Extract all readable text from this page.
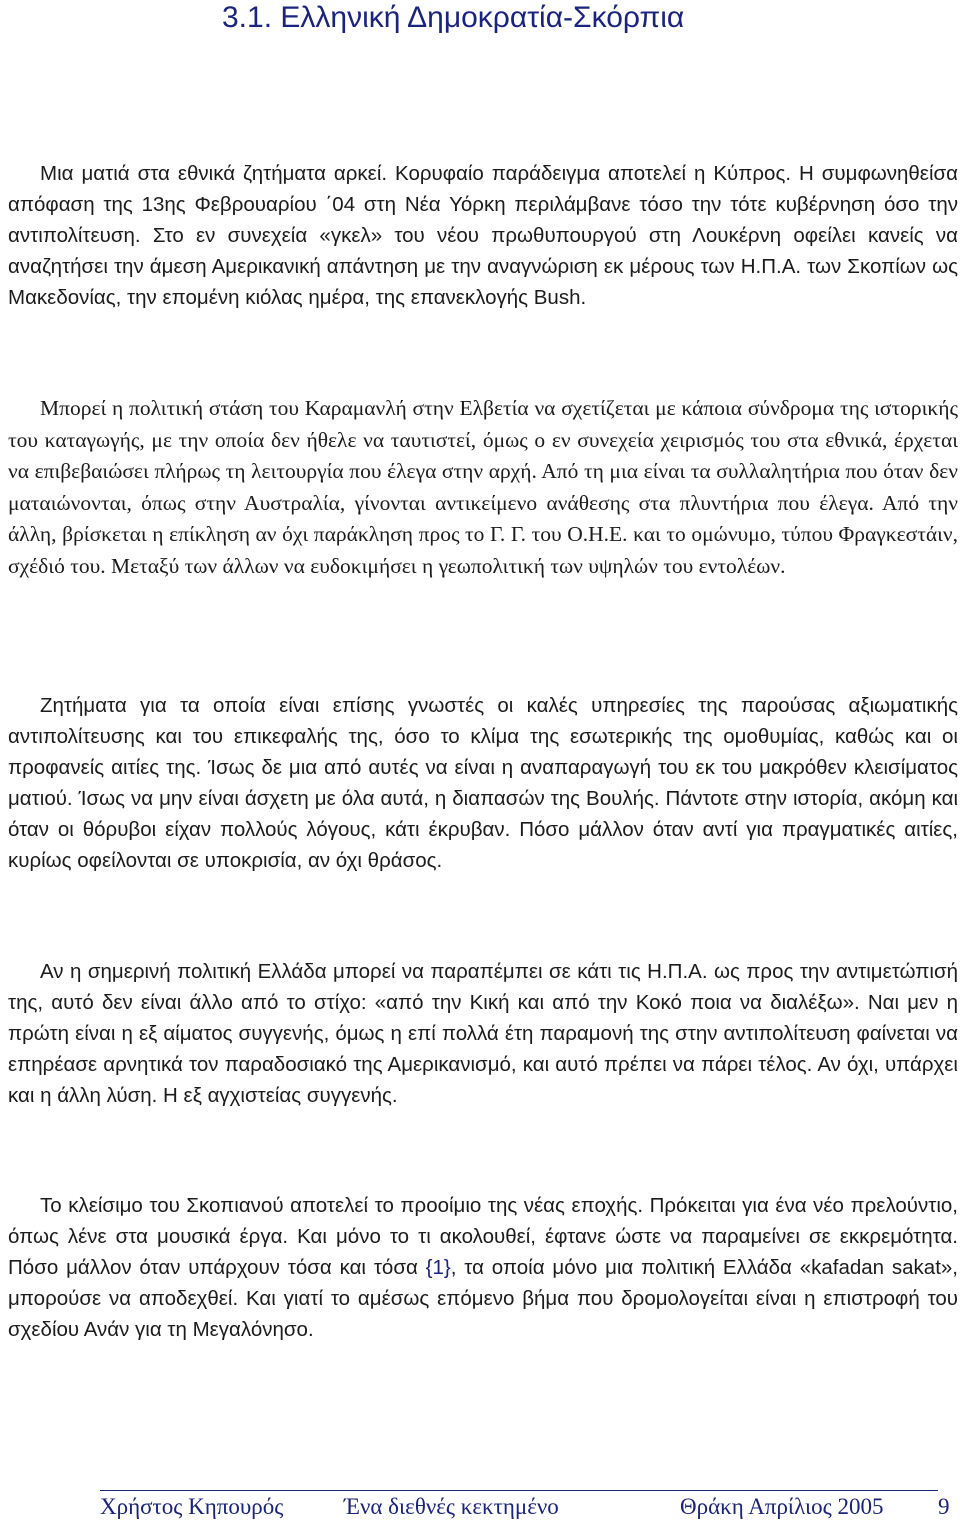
3.1. Ελληνική Δημοκρατία-Σκόρπια

Μια ματιά στα εθνικά ζητήματα αρκεί. Κορυφαίο παράδειγμα αποτελεί η Κύπρος. Η συμφωνηθείσα απόφαση της 13ης Φεβρουαρίου ΄04 στη Νέα Υόρκη περιλάμβανε τόσο την τότε κυβέρνηση όσο την αντιπολίτευση. Στο εν συνεχεία «γκελ» του νέου πρωθυπουργού στη Λουκέρνη οφείλει κανείς να αναζητήσει την άμεση Αμερικανική απάντηση με την αναγνώριση εκ μέρους των Η.Π.Α. των Σκοπίων ως Μακεδονίας, την επομένη κιόλας ημέρα, της επανεκλογής Bush.

Μπορεί η πολιτική στάση του Καραμανλή στην Ελβετία να σχετίζεται με κάποια σύνδρομα της ιστορικής του καταγωγής, με την οποία δεν ήθελε να ταυτιστεί, όμως ο εν συνεχεία χειρισμός του στα εθνικά, έρχεται να επιβεβαιώσει πλήρως τη λειτουργία που έλεγα στην αρχή. Από τη μια είναι τα συλλαλητήρια που όταν δεν ματαιώνονται, όπως στην Αυστραλία, γίνονται αντικείμενο ανάθεσης στα πλυντήρια που έλεγα. Από την άλλη, βρίσκεται η επίκληση αν όχι παράκληση προς το Γ. Γ. του Ο.Η.Ε. και το ομώνυμο, τύπου Φραγκεστάιν, σχέδιό του. Μεταξύ των άλλων να ευδοκιμήσει η γεωπολιτική των υψηλών του εντολέων.

Ζητήματα για τα οποία είναι επίσης γνωστές οι καλές υπηρεσίες της παρούσας αξιωματικής αντιπολίτευσης και του επικεφαλής της, όσο το κλίμα της εσωτερικής της ομοθυμίας, καθώς και οι προφανείς αιτίες της. Ίσως δε μια από αυτές να είναι η αναπαραγωγή του εκ του μακρόθεν κλεισίματος ματιού. Ίσως να μην είναι άσχετη με όλα αυτά, η διαπασών της Βουλής. Πάντοτε στην ιστορία, ακόμη και όταν οι θόρυβοι είχαν πολλούς λόγους, κάτι έκρυβαν. Πόσο μάλλον όταν αντί για πραγματικές αιτίες, κυρίως οφείλονται σε υποκρισία, αν όχι θράσος.

Αν η σημερινή πολιτική Ελλάδα μπορεί να παραπέμπει σε κάτι τις Η.Π.Α. ως προς την αντιμετώπισή της, αυτό δεν είναι άλλο από το στίχο: «από την Κική και από την Κοκό ποια να διαλέξω». Ναι μεν η πρώτη είναι η εξ αίματος συγγενής, όμως η επί πολλά έτη παραμονή της στην αντιπολίτευση φαίνεται να επηρέασε αρνητικά τον παραδοσιακό της Αμερικανισμό, και αυτό πρέπει να πάρει τέλος. Αν όχι, υπάρχει και η άλλη λύση. Η εξ αγχιστείας συγγενής.

Το κλείσιμο του Σκοπιανού αποτελεί το προοίμιο της νέας εποχής. Πρόκειται για ένα νέο πρελούντιο, όπως λένε στα μουσικά έργα. Και μόνο το τι ακολουθεί, έφτανε ώστε να παραμείνει σε εκκρεμότητα. Πόσο μάλλον όταν υπάρχουν τόσα και τόσα {1}, τα οποία μόνο μια πολιτική Ελλάδα «kafadan sakat», μπορούσε να αποδεχθεί. Και γιατί το αμέσως επόμενο βήμα που δρομολογείται είναι η επιστροφή του σχεδίου Ανάν για τη Μεγαλόνησο.

Χρήστος Κηπουρός	Ένα διεθνές κεκτημένο	Θράκη Απρίλιος 2005 9
